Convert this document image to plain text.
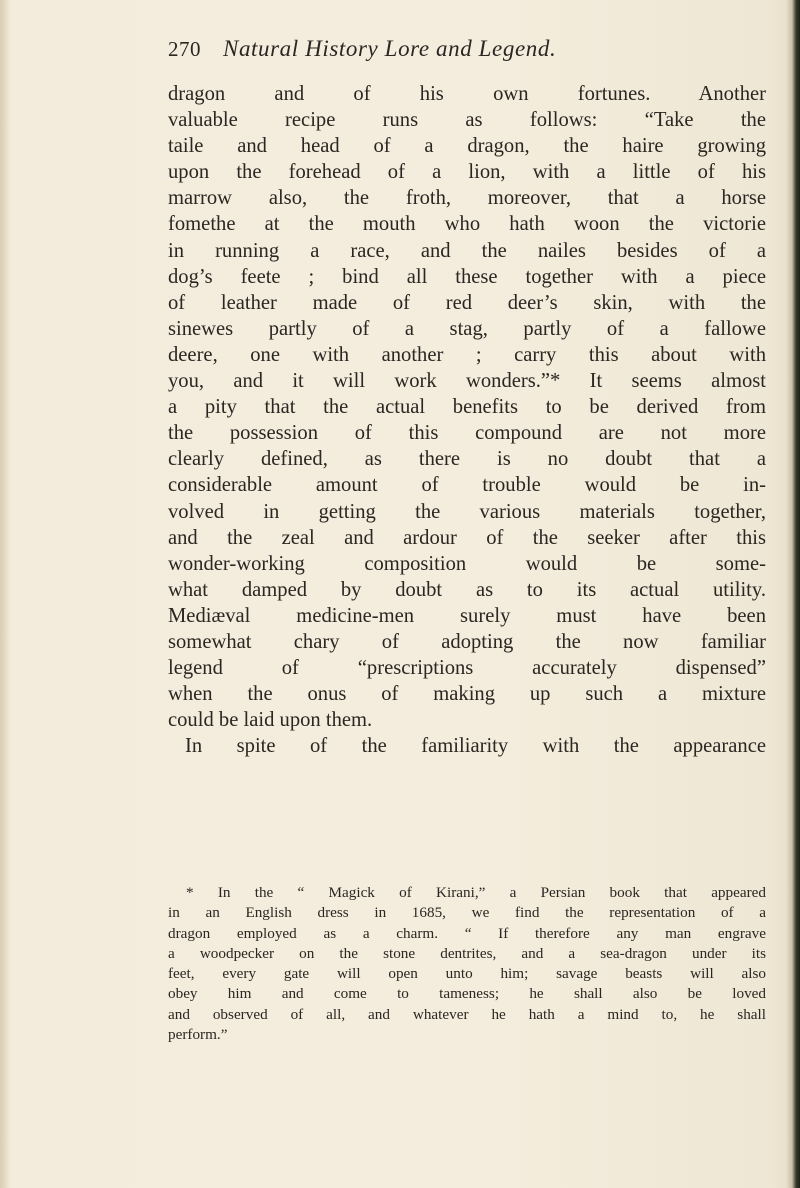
270 Natural History Lore and Legend.
dragon and of his own fortunes. Another
valuable recipe runs as follows: “Take the
taile and head of a dragon, the haire growing
upon the forehead of a lion, with a little of his
marrow also, the froth, moreover, that a horse
fomethe at the mouth who hath woon the victorie
in running a race, and the nailes besides of a
dog’s feete ; bind all these together with a piece
of leather made of red deer’s skin, with the
sinewes partly of a stag, partly of a fallowe
deere, one with another ; carry this about with
you, and it will work wonders.”* It seems almost
a pity that the actual benefits to be derived from
the possession of this compound are not more
clearly defined, as there is no doubt that a
considerable amount of trouble would be in-
volved in getting the various materials together,
and the zeal and ardour of the seeker after this
wonder-working composition would be some-
what damped by doubt as to its actual utility.
Mediæval medicine-men surely must have been
somewhat chary of adopting the now familiar
legend of “prescriptions accurately dispensed”
when the onus of making up such a mixture
could be laid upon them.
In spite of the familiarity with the appearance
* In the “ Magick of Kirani,” a Persian book that appeared
in an English dress in 1685, we find the representation of a
dragon employed as a charm. “ If therefore any man engrave
a woodpecker on the stone dentrites, and a sea-dragon under its
feet, every gate will open unto him; savage beasts will also
obey him and come to tameness; he shall also be loved
and observed of all, and whatever he hath a mind to, he shall
perform.”
